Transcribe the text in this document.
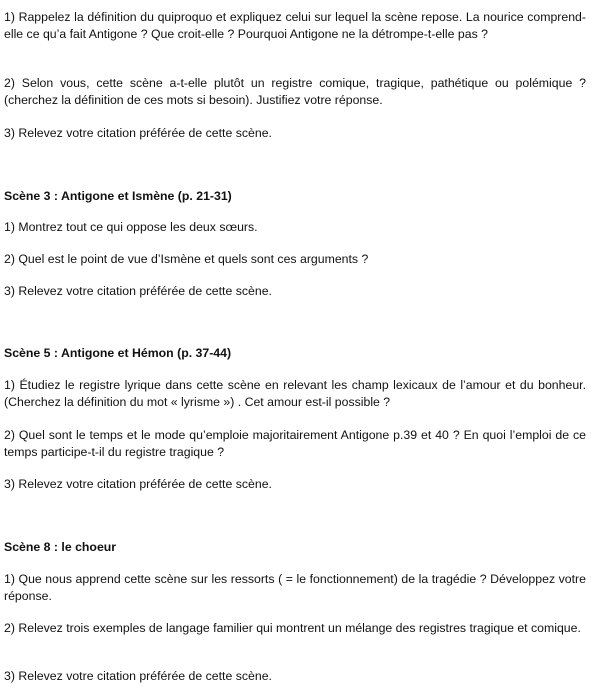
1) Rappelez la définition du quiproquo et expliquez celui sur lequel la scène repose. La nourice comprend-elle ce qu’a fait Antigone ? Que croit-elle ? Pourquoi Antigone ne la détrompe-t-elle pas ?

2) Selon vous, cette scène a-t-elle plutôt un registre comique, tragique, pathétique ou polémique ? (cherchez la définition de ces mots si besoin). Justifiez votre réponse.

3) Relevez votre citation préférée de cette scène.

Scène 3 : Antigone et Ismène (p. 21-31)

1) Montrez tout ce qui oppose les deux sœurs.

2) Quel est le point de vue d’Ismène et quels sont ces arguments ?

3) Relevez votre citation préférée de cette scène.

Scène 5 : Antigone et Hémon (p. 37-44)

1) Étudiez le registre lyrique dans cette scène en relevant les champ lexicaux de l’amour et du bonheur. (Cherchez la définition du mot « lyrisme ») . Cet amour est-il possible ?

2) Quel sont le temps et le mode qu’emploie majoritairement Antigone p.39 et 40 ? En quoi l’emploi de ce temps participe-t-il du registre tragique ?

3) Relevez votre citation préférée de cette scène.

Scène 8 : le choeur

1) Que nous apprend cette scène sur les ressorts ( = le fonctionnement) de la tragédie ? Développez votre réponse.

2) Relevez trois exemples de langage familier qui montrent un mélange des registres tragique et comique.

3) Relevez votre citation préférée de cette scène.
